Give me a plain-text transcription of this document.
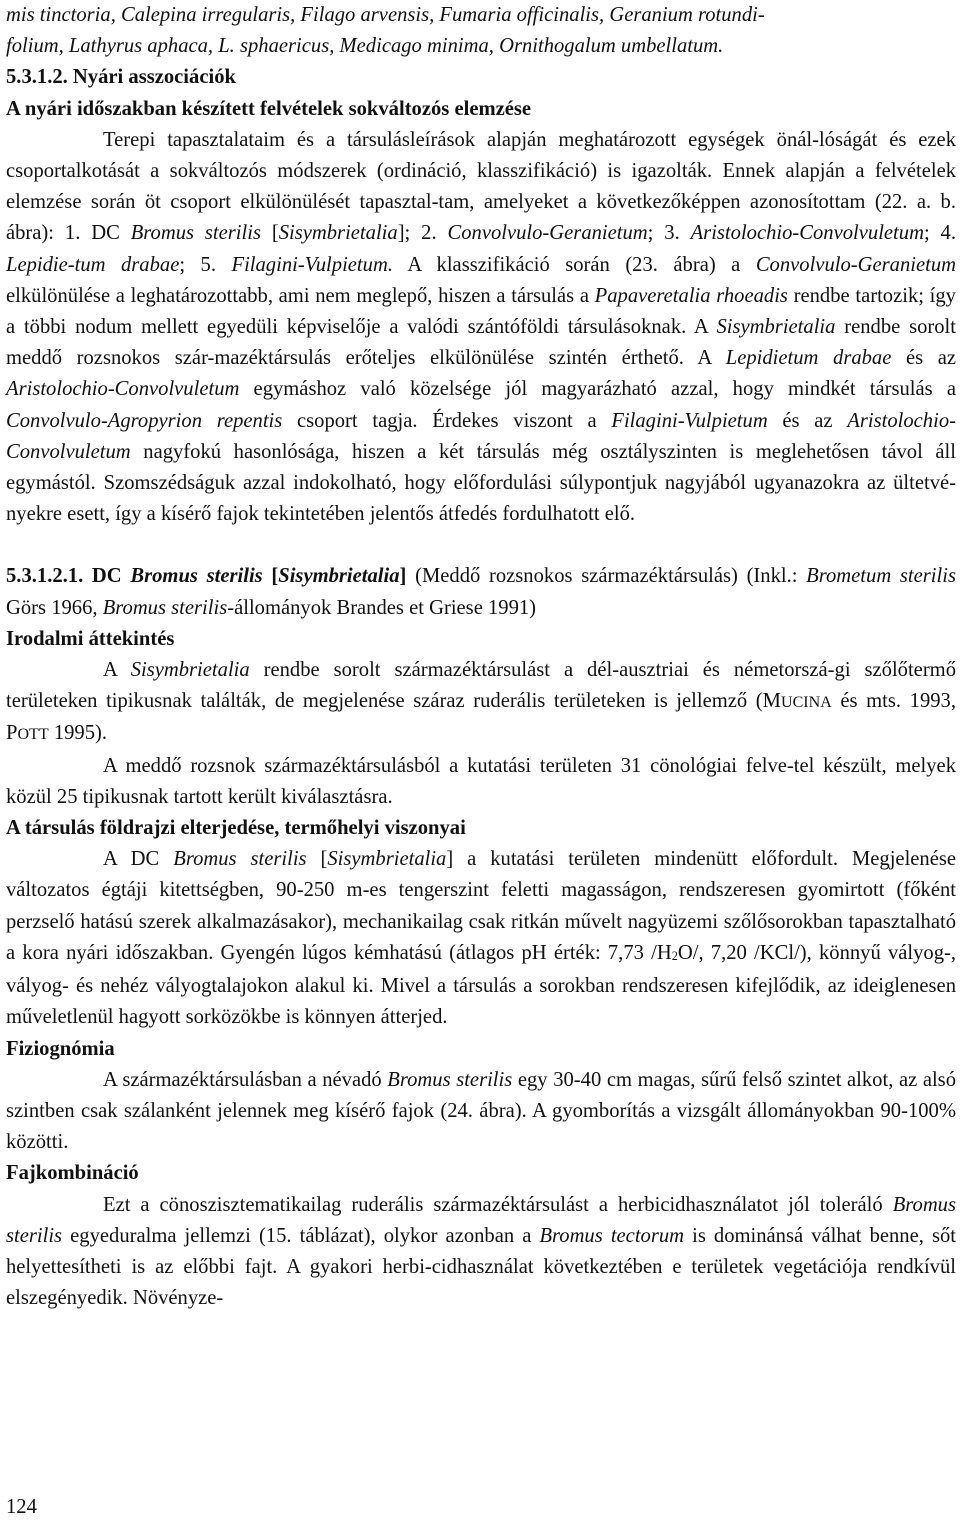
mis tinctoria, Calepina irregularis, Filago arvensis, Fumaria officinalis, Geranium rotundi-
folium, Lathyrus aphaca, L. sphaericus, Medicago minima, Ornithogalum umbellatum.

5.3.1.2. Nyári asszociációk

A nyári időszakban készített felvételek sokváltozós elemzése

Terepi tapasztalataim és a társulásleírások alapján meghatározott egységek önál-lóságát és ezek csoportalkotását a sokváltozós módszerek (ordináció, klasszifikáció) is igazolták. Ennek alapján a felvételek elemzése során öt csoport elkülönülését tapasztal-tam, amelyeket a következőképpen azonosítottam (22. a. b. ábra): 1. DC Bromus sterilis [Sisymbrietalia]; 2. Convolvulo-Geranietum; 3. Aristolochio-Convolvuletum; 4. Lepidie-tum drabae; 5. Filagini-Vulpietum. A klasszifikáció során (23. ábra) a Convolvulo-Geranietum elkülönülése a leghatározottabb, ami nem meglepő, hiszen a társulás a Papaveretalia rhoeadis rendbe tartozik; így a többi nodum mellett egyedüli képviselője a valódi szántóföldi társulásoknak. A Sisymbrietalia rendbe sorolt meddő rozsnokos szár-mazéktársulás erőteljes elkülönülése szintén érthető. A Lepidietum drabae és az Aristolochio-Convolvuletum egymáshoz való közelsége jól magyarázható azzal, hogy mindkét társulás a Convolvulo-Agropyrion repentis csoport tagja. Érdekes viszont a Filagini-Vulpietum és az Aristolochio-Convolvuletum nagyfokú hasonlósága, hiszen a két társulás még osztályszinten is meglehetősen távol áll egymástól. Szomszédságuk azzal indokolható, hogy előfordulási súlypontjuk nagyjából ugyanazokra az ültetvé-nyekre esett, így a kísérő fajok tekintetében jelentős átfedés fordulhatott elő.

5.3.1.2.1. DC Bromus sterilis [Sisymbrietalia] (Meddő rozsnokos származéktársulás) (Inkl.: Brometum sterilis Görs 1966, Bromus sterilis-állományok Brandes et Griese 1991)

Irodalmi áttekintés

A Sisymbrietalia rendbe sorolt származéktársulást a dél-ausztriai és németorszá-gi szőlőtermő területeken tipikusnak találták, de megjelenése száraz ruderális területeken is jellemző (MUCINA és mts. 1993, POTT 1995).

A meddő rozsnok származéktársulásból a kutatási területen 31 cönológiai felve-tel készült, melyek közül 25 tipikusnak tartott került kiválasztásra.

A társulás földrajzi elterjedése, termőhelyi viszonyai

A DC Bromus sterilis [Sisymbrietalia] a kutatási területen mindenütt előfordult. Megjelenése változatos égtáji kitettségben, 90-250 m-es tengerszint feletti magasságon, rendszeresen gyomirtott (főként perzselő hatású szerek alkalmazásakor), mechanikailag csak ritkán művelt nagyüzemi szőlősorokban tapasztalható a kora nyári időszakban. Gyengén lúgos kémhatású (átlagos pH érték: 7,73 $/H_2O/$, 7,20 /KCl/), könnyű vályog-, vályog- és nehéz vályogtalajokon alakul ki. Mivel a társulás a sorokban rendszeresen kifejlődik, az ideiglenesen műveletlenül hagyott sorközökbe is könnyen átterjed.

Fiziognómia

A származéktársulásban a névadó Bromus sterilis egy 30-40 cm magas, sűrű felső szintet alkot, az alsó szintben csak szálanként jelennek meg kísérő fajok (24. ábra). A gyomborítás a vizsgált állományokban 90-100% közötti.

Fajkombináció

Ezt a cönoszisztematikailag ruderális származéktársulást a herbicidhasználatot jól toleráló Bromus sterilis egyeduralma jellemzi (15. táblázat), olykor azonban a Bromus tectorum is dominánsá válhat benne, sőt helyettesítheti is az előbbi fajt. A gyakori herbi-cidhasználat következtében e területek vegetációja rendkívül elszegényedik. Növényze-

124
